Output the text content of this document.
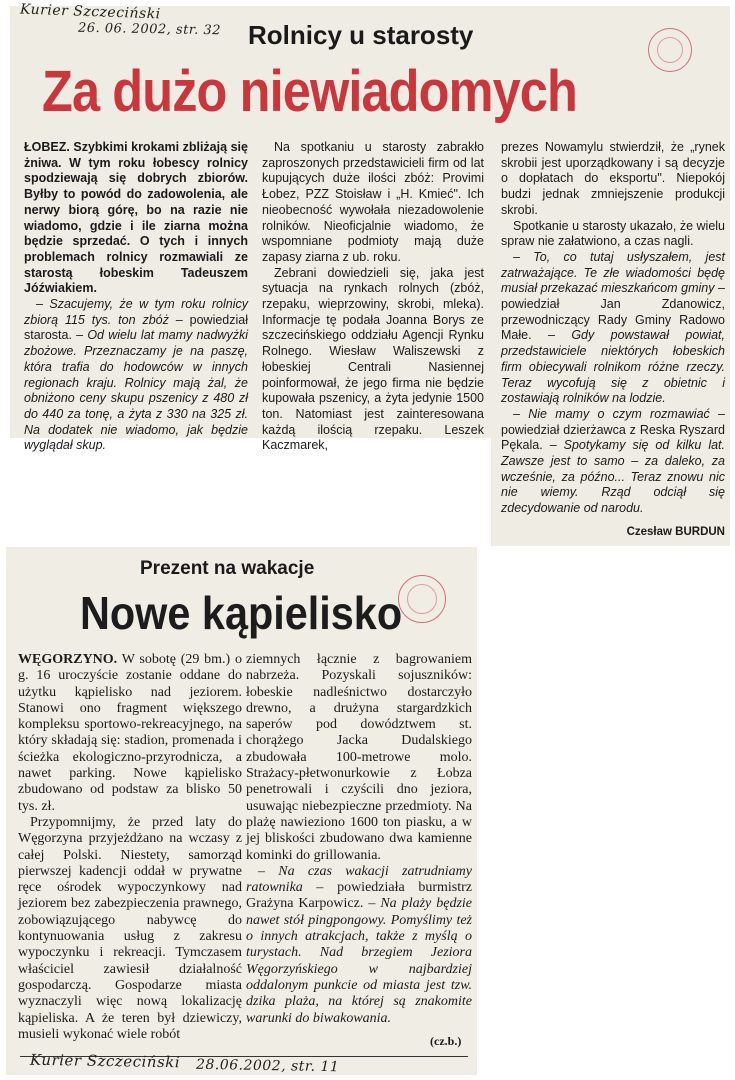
Kurier Szczeciński
26. 06. 2002, str. 32 Rolnicy u starosty
Za dużo niewiadomych

ŁOBEZ. Szybkimi krokami zbliżają się żniwa. W tym roku łobescy rolnicy spodziewają się dobrych zbiorów. Byłby to powód do zadowolenia, ale nerwy biorą górę, bo na razie nie wiadomo, gdzie i ile ziarna można będzie sprzedać. O tych i innych problemach rolnicy rozmawiali ze starostą łobeskim Tadeuszem Jóźwiakiem.

– Szacujemy, że w tym roku rolnicy zbiorą 115 tys. ton zbóż – powiedział starosta. – Od wielu lat mamy nadwyżki zbożowe. Przeznaczamy je na paszę, która trafia do hodowców w innych regionach kraju. Rolnicy mają żal, że obniżono ceny skupu pszenicy z 480 zł do 440 za tonę, a żyta z 330 na 325 zł. Na dodatek nie wiadomo, jak będzie wyglądał skup.

Na spotkaniu u starosty zabrakło zaproszonych przedstawicieli firm od lat kupujących duże ilości zbóż: Provimi Łobez, PZZ Stoisław i „H. Kmieć". Ich nieobecność wywołała niezadowolenie rolników. Nieoficjalnie wiadomo, że wspomniane podmioty mają duże zapasy ziarna z ub. roku.

Zebrani dowiedzieli się, jaka jest sytuacja na rynkach rolnych (zbóż, rzepaku, wieprzowiny, skrobi, mleka). Informacje tę podała Joanna Borys ze szczecińskiego oddziału Agencji Rynku Rolnego. Wiesław Waliszewski z łobeskiej Centrali Nasiennej poinformował, że jego firma nie będzie kupowała pszenicy, a żyta jedynie 1500 ton. Natomiast jest zainteresowana każdą ilością rzepaku. Leszek Kaczmarek,

prezes Nowamylu stwierdził, że „rynek skrobii jest uporządkowany i są decyzje o dopłatach do eksportu". Niepokój budzi jednak zmniejszenie produkcji skrobi.

Spotkanie u starosty ukazało, że wielu spraw nie załatwiono, a czas nagli.

– To, co tutaj usłyszałem, jest zatrważające. Te złe wiadomości będę musiał przekazać mieszkańcom gminy – powiedział Jan Zdanowicz, przewodniczący Rady Gminy Radowo Małe. – Gdy powstawał powiat, przedstawiciele niektórych łobeskich firm obiecywali rolnikom różne rzeczy. Teraz wycofują się z obietnic i zostawiają rolników na lodzie.

– Nie mamy o czym rozmawiać – powiedział dzierżawca z Reska Ryszard Pękala. – Spotykamy się od kilku lat. Zawsze jest to samo – za daleko, za wcześnie, za późno... Teraz znowu nic nie wiemy. Rząd odciął się zdecydowanie od narodu.

Czesław BURDUN
Prezent na wakacje
Nowe kąpielisko

WĘGORZYNO. W sobotę (29 bm.) o g. 16 uroczyście zostanie oddane do użytku kąpielisko nad jeziorem. Stanowi ono fragment większego kompleksu sportowo-rekreacyjnego, na który składają się: stadion, promenada i ścieżka ekologiczno-przyrodnicza, a nawet parking. Nowe kąpielisko zbudowano od podstaw za blisko 50 tys. zł.

Przypomnijmy, że przed laty do Węgorzyna przyjeżdżano na wczasy z całej Polski. Niestety, samorząd pierwszej kadencji oddał w prywatne ręce ośrodek wypoczynkowy nad jeziorem bez zabezpieczenia prawnego, zobowiązującego nabywcę do kontynuowania usług z zakresu wypoczynku i rekreacji. Tymczasem właściciel zawiesił działalność gospodarczą. Gospodarze miasta wyznaczyli więc nową lokalizację kąpieliska. A że teren był dziewiczy, musieli wykonać wiele robót

ziemnych łącznie z bagrowaniem nabrzeża. Pozyskali sojuszników: łobeskie nadleśnictwo dostarczyło drewno, a drużyna stargardzkich saperów pod dowództwem st. chorążego Jacka Dudalskiego zbudowała 100-metrowe molo. Strażacy-płetwonurkowie z Łobza penetrowali i czyścili dno jeziora, usuwając niebezpieczne przedmioty. Na plażę nawieziono 1600 ton piasku, a w jej bliskości zbudowano dwa kamienne kominki do grillowania.

– Na czas wakacji zatrudniamy ratownika – powiedziała burmistrz Grażyna Karpowicz. – Na plaży będzie nawet stół pingpongowy. Pomyślimy też o innych atrakcjach, także z myślą o turystach. Nad brzegiem Jeziora Węgorzyńskiego w najbardziej oddalonym punkcie od miasta jest tzw. dzika plaża, na której są znakomite warunki do biwakowania.

(cz.b.)
Kurier Szczeciński 28.06.2002, str. 11
